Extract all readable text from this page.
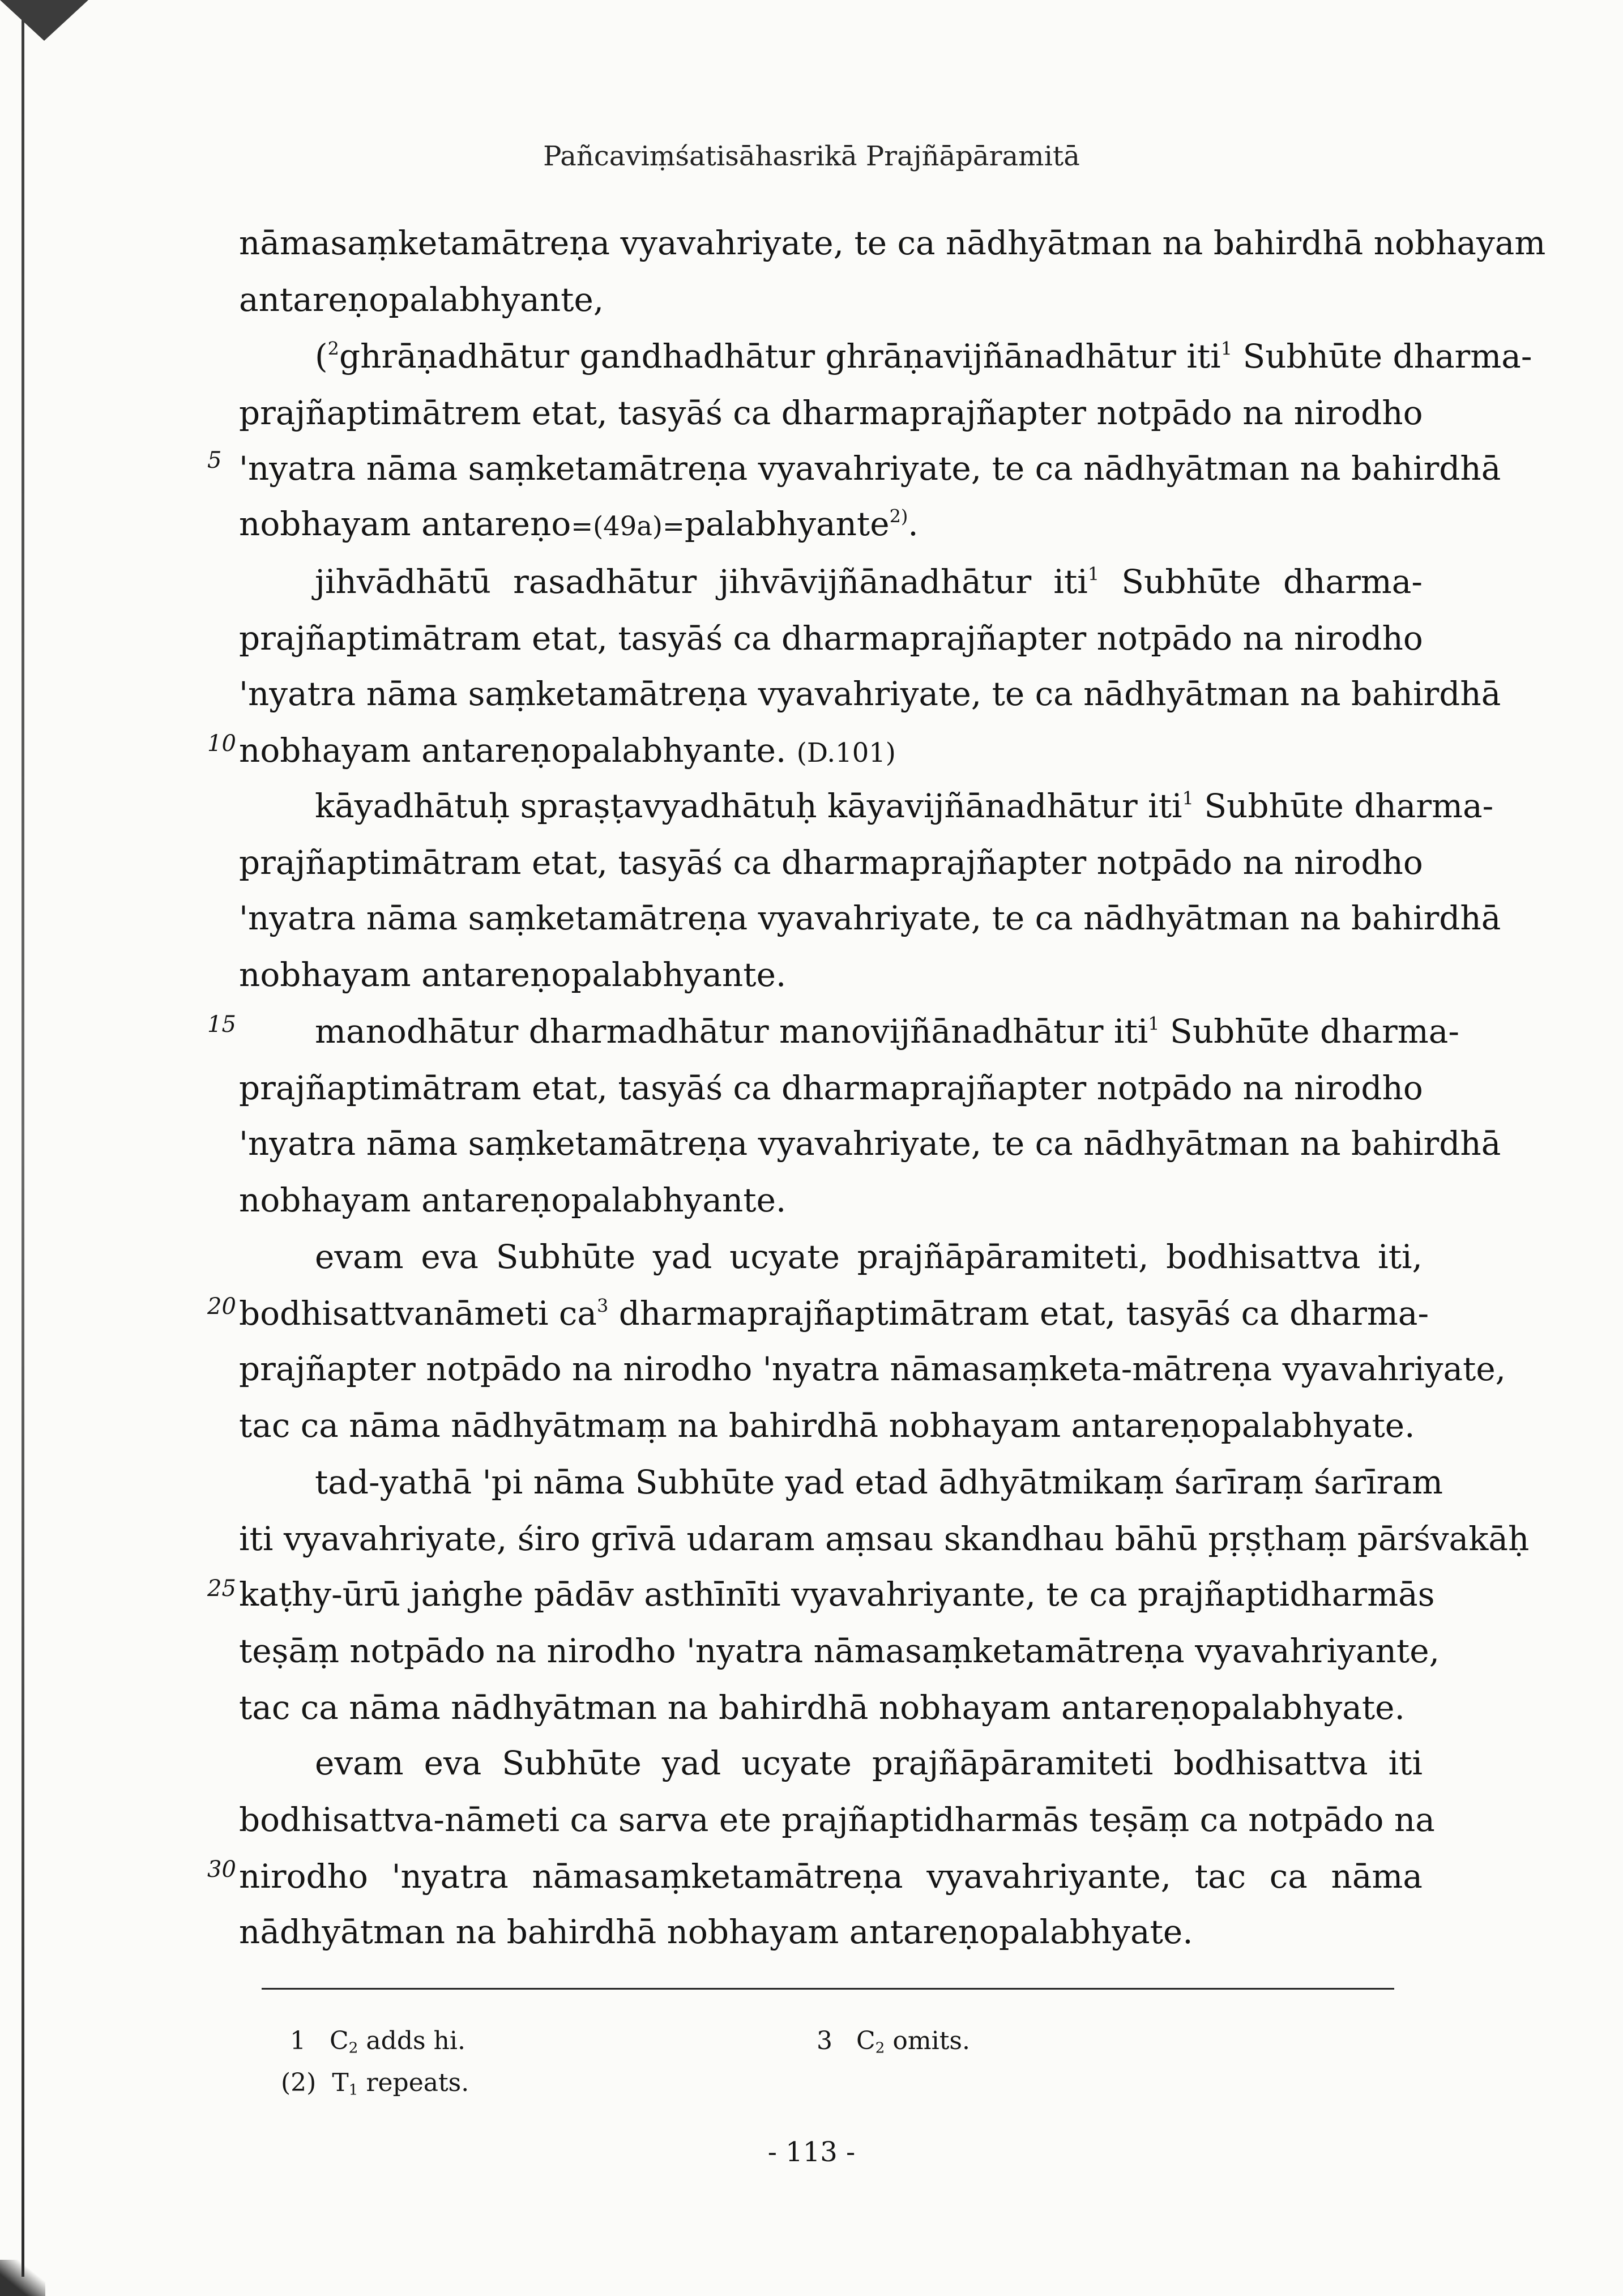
Pañcaviṃśatisāhasrikā Prajñāpāramitā
5
10
15
20
25
30
nāmasaṃketamātreṇa vyavahriyate, te ca nādhyātman na bahirdhā nobhayam
antareṇopalabhyante,
($^2$ghrāṇadhātur gandhadhātur ghrāṇavijñānadhātur iti$^1$ Subhūte dharma-
prajñaptimātrem etat, tasyāś ca dharmaprajñapter notpādo na nirodho
'nyatra nāma saṃketamātreṇa vyavahriyate, te ca nādhyātman na bahirdhā
nobhayam antareṇo=(49a)=palabhyante$^{2)}$.
jihvādhātū rasadhātur jihvāvijñānadhātur iti$^1$ Subhūte dharma-
prajñaptimātram etat, tasyāś ca dharmaprajñapter notpādo na nirodho
'nyatra nāma saṃketamātreṇa vyavahriyate, te ca nādhyātman na bahirdhā
nobhayam antareṇopalabhyante. (D.101)
kāyadhātuḥ spraṣṭavyadhātuḥ kāyavijñānadhātur iti$^1$ Subhūte dharma-
prajñaptimātram etat, tasyāś ca dharmaprajñapter notpādo na nirodho
'nyatra nāma saṃketamātreṇa vyavahriyate, te ca nādhyātman na bahirdhā
nobhayam antareṇopalabhyante.
manodhātur dharmadhātur manovijñānadhātur iti$^1$ Subhūte dharma-
prajñaptimātram etat, tasyāś ca dharmaprajñapter notpādo na nirodho
'nyatra nāma saṃketamātreṇa vyavahriyate, te ca nādhyātman na bahirdhā
nobhayam antareṇopalabhyante.
evam eva Subhūte yad ucyate prajñāpāramiteti, bodhisattva iti,
bodhisattvanāmeti $ca^3$ dharmaprajñaptimātram etat, tasyāś ca dharma-
prajñapter notpādo na nirodho 'nyatra nāmasaṃketa-mātreṇa vyavahriyate,
tac ca nāma nādhyātmaṃ na bahirdhā nobhayam antareṇopalabhyate.
tad-yathā 'pi nāma Subhūte yad etad ādhyātmikaṃ śarīraṃ śarīram
iti vyavahriyate, śiro grīvā udaram aṃsau skandhau bāhū pṛṣṭhaṃ pārśvakāḥ
kaṭhy-ūrū jaṅghe pādāv asthīnīti vyavahriyante, te ca prajñaptidharmās
teṣāṃ notpādo na nirodho 'nyatra nāmasaṃketamātreṇa vyavahriyante,
tac ca nāma nādhyātman na bahirdhā nobhayam antareṇopalabhyate.
evam eva Subhūte yad ucyate prajñāpāramiteti bodhisattva iti
bodhisattva-nāmeti ca sarva ete prajñaptidharmās teṣāṃ ca notpādo na
nirodho 'nyatra nāmasaṃketamātreṇa vyavahriyante, tac ca nāma
nādhyātman na bahirdhā nobhayam antareṇopalabhyate.
1 $C_2$ adds hi.	3 $C_2$ omits.
(2) $T_1$ repeats.
- 113 -
